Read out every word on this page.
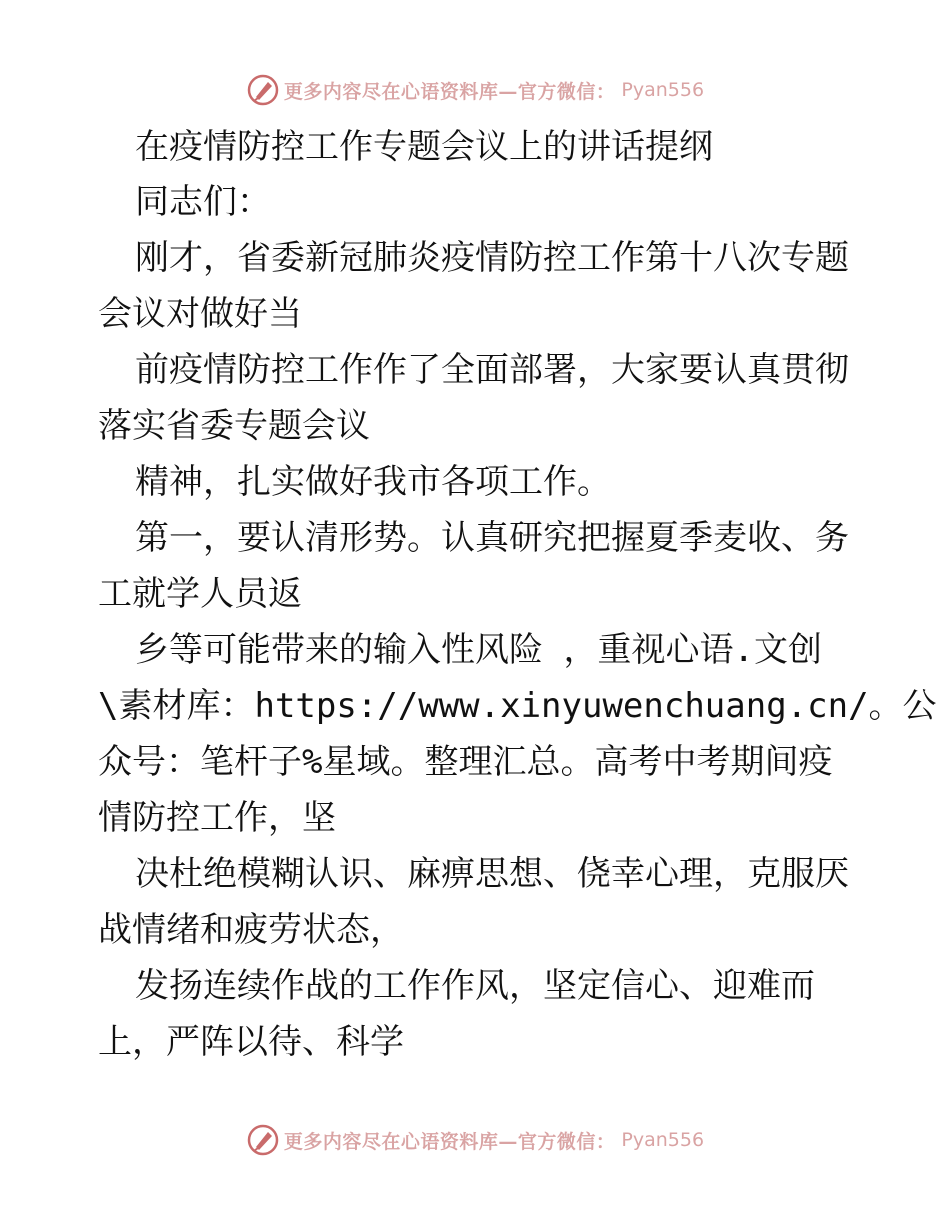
更多内容尽在心语资料库—官方微信： Pyan556
在疫情防控工作专题会议上的讲话提纲
同志们：
刚才，省委新冠肺炎疫情防控工作第十八次专题
会议对做好当
前疫情防控工作作了全面部署，大家要认真贯彻
落实省委专题会议
精神，扎实做好我市各项工作。
第一，要认清形势。认真研究把握夏季麦收、务
工就学人员返
乡等可能带来的输入性风险 ，重视心语.文创
\素材库：https://www.xinyuwenchuang.cn/。公
众号：笔杆子%星域。整理汇总。高考中考期间疫
情防控工作，坚
决杜绝模糊认识、麻痹思想、侥幸心理，克服厌
战情绪和疲劳状态，
发扬连续作战的工作作风，坚定信心、迎难而
上，严阵以待、科学
更多内容尽在心语资料库—官方微信： Pyan556
